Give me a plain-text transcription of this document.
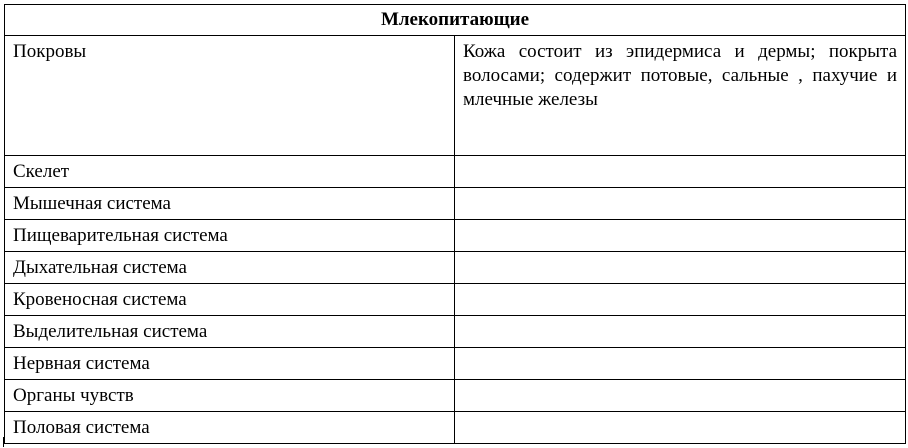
Млекопитающие	
Покровы	Кожа состоит из эпидермиса и дермы; покрыта волосами; содержит потовые, сальные , пахучие и млечные железы
Скелет	
Мышечная система	
Пищеварительная система	
Дыхательная система	
Кровеносная система	
Выделительная система	
Нервная система	
Органы чувств	
Половая система	
